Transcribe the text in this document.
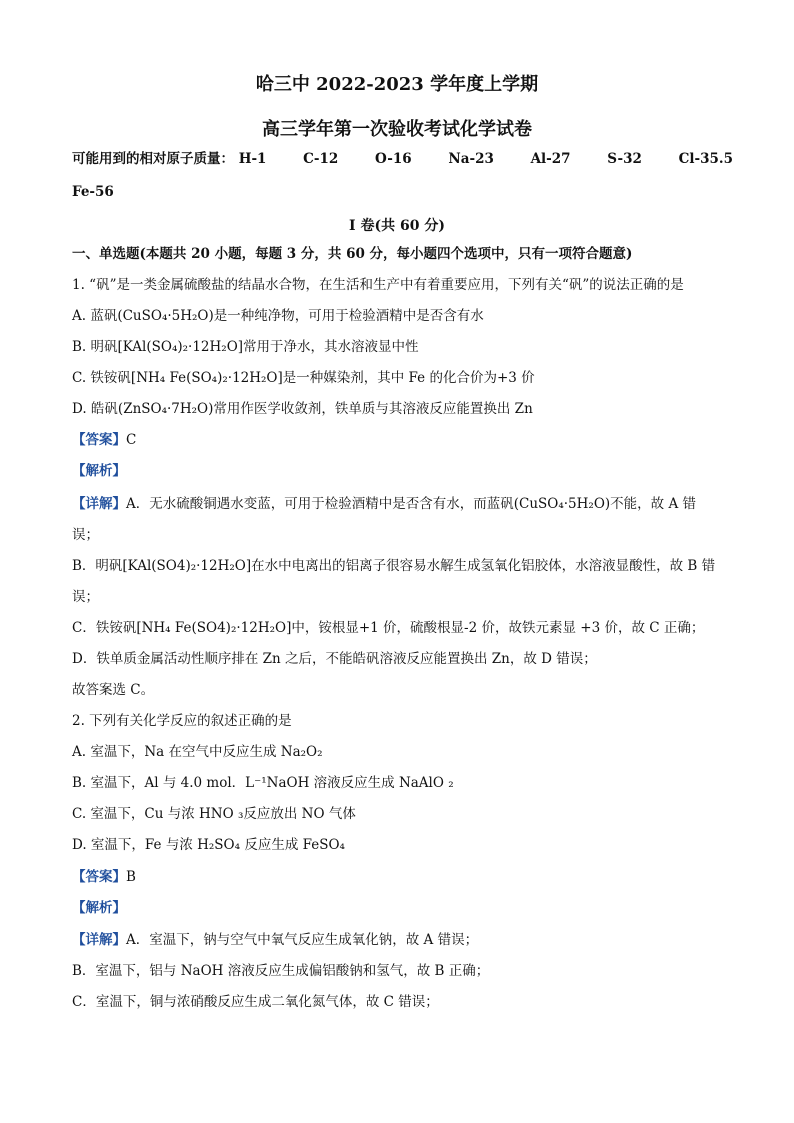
哈三中 2022-2023 学年度上学期
高三学年第一次验收考试化学试卷
可能用到的相对原子质量： H-1	C-12	O-16	Na-23	Al-27	S-32	Cl-35.5
Fe-56
I 卷(共 60 分)
一、单选题(本题共 20 小题，每题 3 分，共 60 分，每小题四个选项中，只有一项符合题意)
1. “矾”是一类金属硫酸盐的结晶水合物，在生活和生产中有着重要应用，下列有关“矾”的说法正确的是
A. 蓝矾(CuSO₄·5H₂O)是一种纯净物，可用于检验酒精中是否含有水
B. 明矾[KAl(SO₄)₂·12H₂O]常用于净水，其水溶液显中性
C. 铁铵矾[NH₄ Fe(SO₄)₂·12H₂O]是一种媒染剂，其中 Fe 的化合价为+3 价
D. 皓矾(ZnSO₄·7H₂O)常用作医学收敛剂，铁单质与其溶液反应能置换出 Zn
【答案】C
【解析】
【详解】A．无水硫酸铜遇水变蓝，可用于检验酒精中是否含有水，而蓝矾(CuSO₄·5H₂O)不能，故 A 错
误；
B．明矾[KAl(SO4)₂·12H₂O]在水中电离出的铝离子很容易水解生成氢氧化铝胶体，水溶液显酸性，故 B 错
误；
C．铁铵矾[NH₄ Fe(SO4)₂·12H₂O]中，铵根显+1 价，硫酸根显-2 价，故铁元素显 +3 价，故 C 正确；
D．铁单质金属活动性顺序排在 Zn 之后，不能皓矾溶液反应能置换出 Zn，故 D 错误；
故答案选 C。
2. 下列有关化学反应的叙述正确的是
A. 室温下，Na 在空气中反应生成 Na₂O₂
B. 室温下，Al 与 4.0 mol．L⁻¹NaOH 溶液反应生成 NaAlO ₂
C. 室温下，Cu 与浓 HNO ₃反应放出 NO 气体
D. 室温下，Fe 与浓 H₂SO₄ 反应生成 FeSO₄
【答案】B
【解析】
【详解】A．室温下，钠与空气中氧气反应生成氧化钠，故 A 错误；
B．室温下，铝与 NaOH 溶液反应生成偏铝酸钠和氢气，故 B 正确；
C．室温下，铜与浓硝酸反应生成二氧化氮气体，故 C 错误；
